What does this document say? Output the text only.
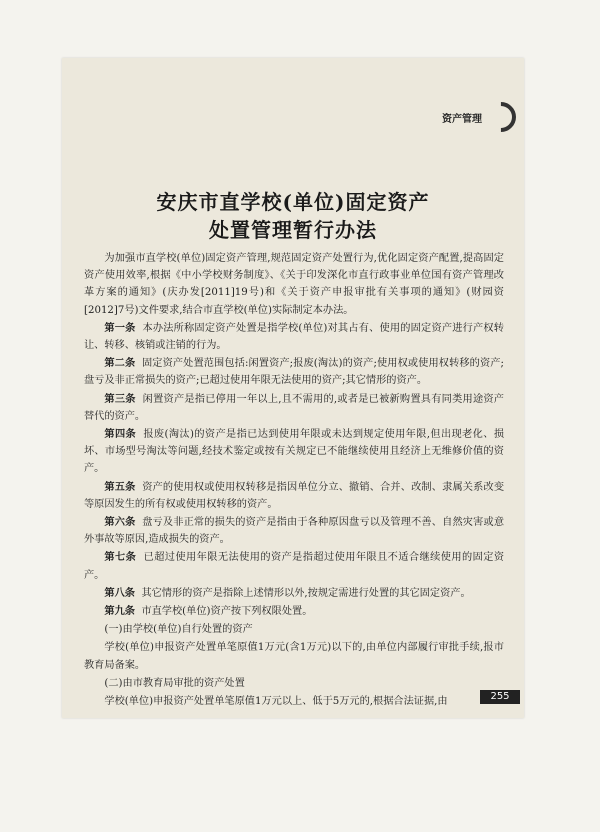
资产管理
安庆市直学校(单位)固定资产
处置管理暂行办法

为加强市直学校(单位)固定资产管理,规范固定资产处置行为,优化固定资产配置,提高固定资产使用效率,根据《中小学校财务制度》、《关于印发深化市直行政事业单位国有资产管理改革方案的通知》(庆办发[2011]19号)和《关于资产申报审批有关事项的通知》(财园资[2012]7号)文件要求,结合市直学校(单位)实际制定本办法。

第一条 本办法所称固定资产处置是指学校(单位)对其占有、使用的固定资产进行产权转让、转移、核销或注销的行为。

第二条 固定资产处置范围包括:闲置资产;报废(淘汰)的资产;使用权或使用权转移的资产;盘亏及非正常损失的资产;已超过使用年限无法使用的资产;其它情形的资产。

第三条 闲置资产是指已停用一年以上,且不需用的,或者是已被新购置具有同类用途资产替代的资产。

第四条 报废(淘汰)的资产是指已达到使用年限或未达到规定使用年限,但出现老化、损坏、市场型号淘汰等问题,经技术鉴定或按有关规定已不能继续使用且经济上无维修价值的资产。

第五条 资产的使用权或使用权转移是指因单位分立、撤销、合并、改制、隶属关系改变等原因发生的所有权或使用权转移的资产。

第六条 盘亏及非正常的损失的资产是指由于各种原因盘亏以及管理不善、自然灾害或意外事故等原因,造成损失的资产。

第七条 已超过使用年限无法使用的资产是指超过使用年限且不适合继续使用的固定资产。

第八条 其它情形的资产是指除上述情形以外,按规定需进行处置的其它固定资产。

第九条 市直学校(单位)资产按下列权限处置。

(一)由学校(单位)自行处置的资产

学校(单位)申报资产处置单笔原值1万元(含1万元)以下的,由单位内部履行审批手续,报市教育局备案。

(二)由市教育局审批的资产处置

学校(单位)申报资产处置单笔原值1万元以上、低于5万元的,根据合法证据,由	255
